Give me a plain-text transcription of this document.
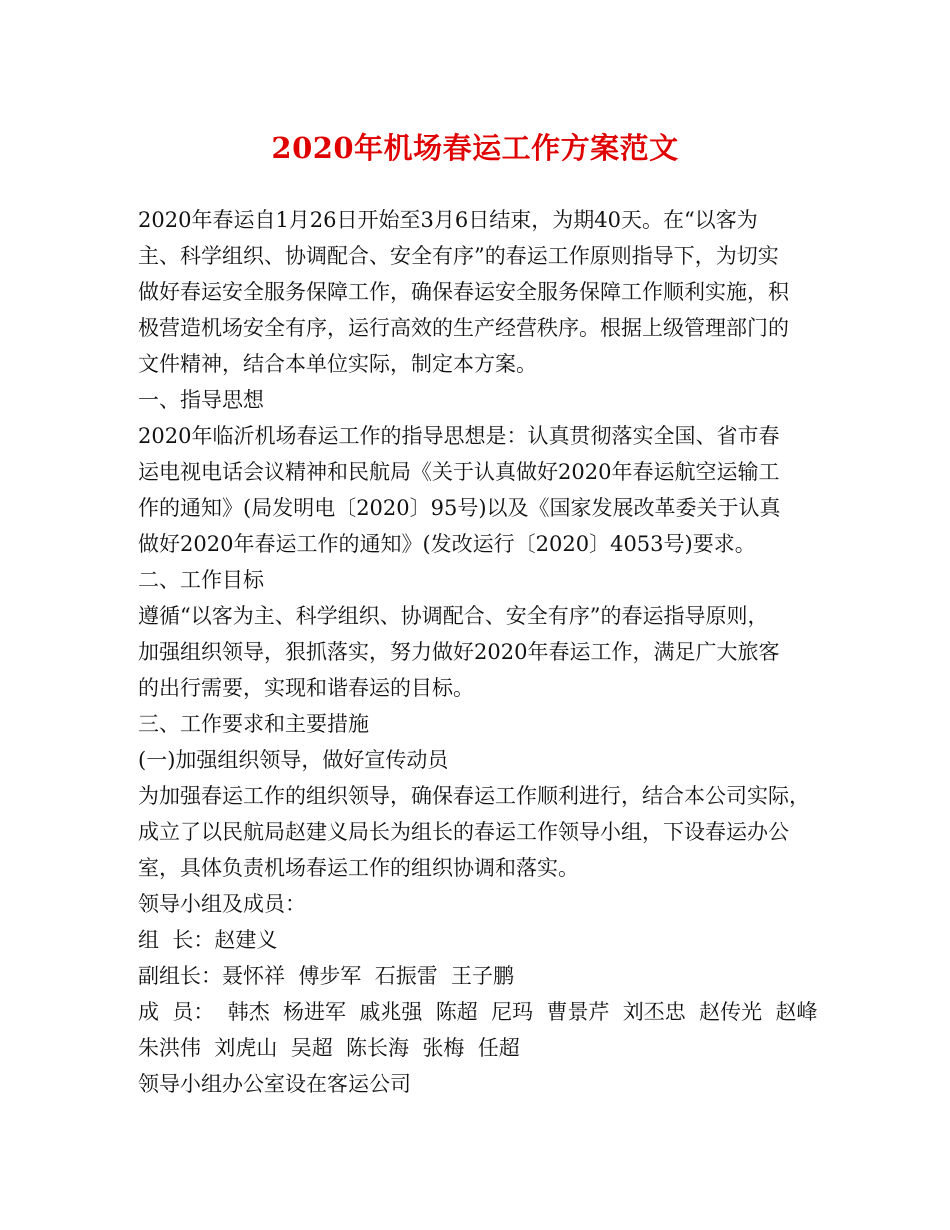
2020年机场春运工作方案范文
2020年春运自1月26日开始至3月6日结束，为期40天。在“以客为
主、科学组织、协调配合、安全有序”的春运工作原则指导下，为切实
做好春运安全服务保障工作，确保春运安全服务保障工作顺利实施，积
极营造机场安全有序，运行高效的生产经营秩序。根据上级管理部门的
文件精神，结合本单位实际，制定本方案。
一、指导思想
2020年临沂机场春运工作的指导思想是：认真贯彻落实全国、省市春
运电视电话会议精神和民航局《关于认真做好2020年春运航空运输工
作的通知》(局发明电〔2020〕95号)以及《国家发展改革委关于认真
做好2020年春运工作的通知》(发改运行〔2020〕4053号)要求。
二、工作目标
遵循“以客为主、科学组织、协调配合、安全有序”的春运指导原则，
加强组织领导，狠抓落实，努力做好2020年春运工作，满足广大旅客
的出行需要，实现和谐春运的目标。
三、工作要求和主要措施
(一)加强组织领导，做好宣传动员
为加强春运工作的组织领导，确保春运工作顺利进行，结合本公司实际，
成立了以民航局赵建义局长为组长的春运工作领导小组，下设春运办公
室，具体负责机场春运工作的组织协调和落实。
领导小组及成员：
组  长：赵建义
副组长：聂怀祥  傅步军  石振雷  王子鹏
成  员：  韩杰  杨进军  戚兆强  陈超  尼玛  曹景芹  刘丕忠  赵传光  赵峰
朱洪伟  刘虎山  吴超  陈长海  张梅  任超
领导小组办公室设在客运公司
